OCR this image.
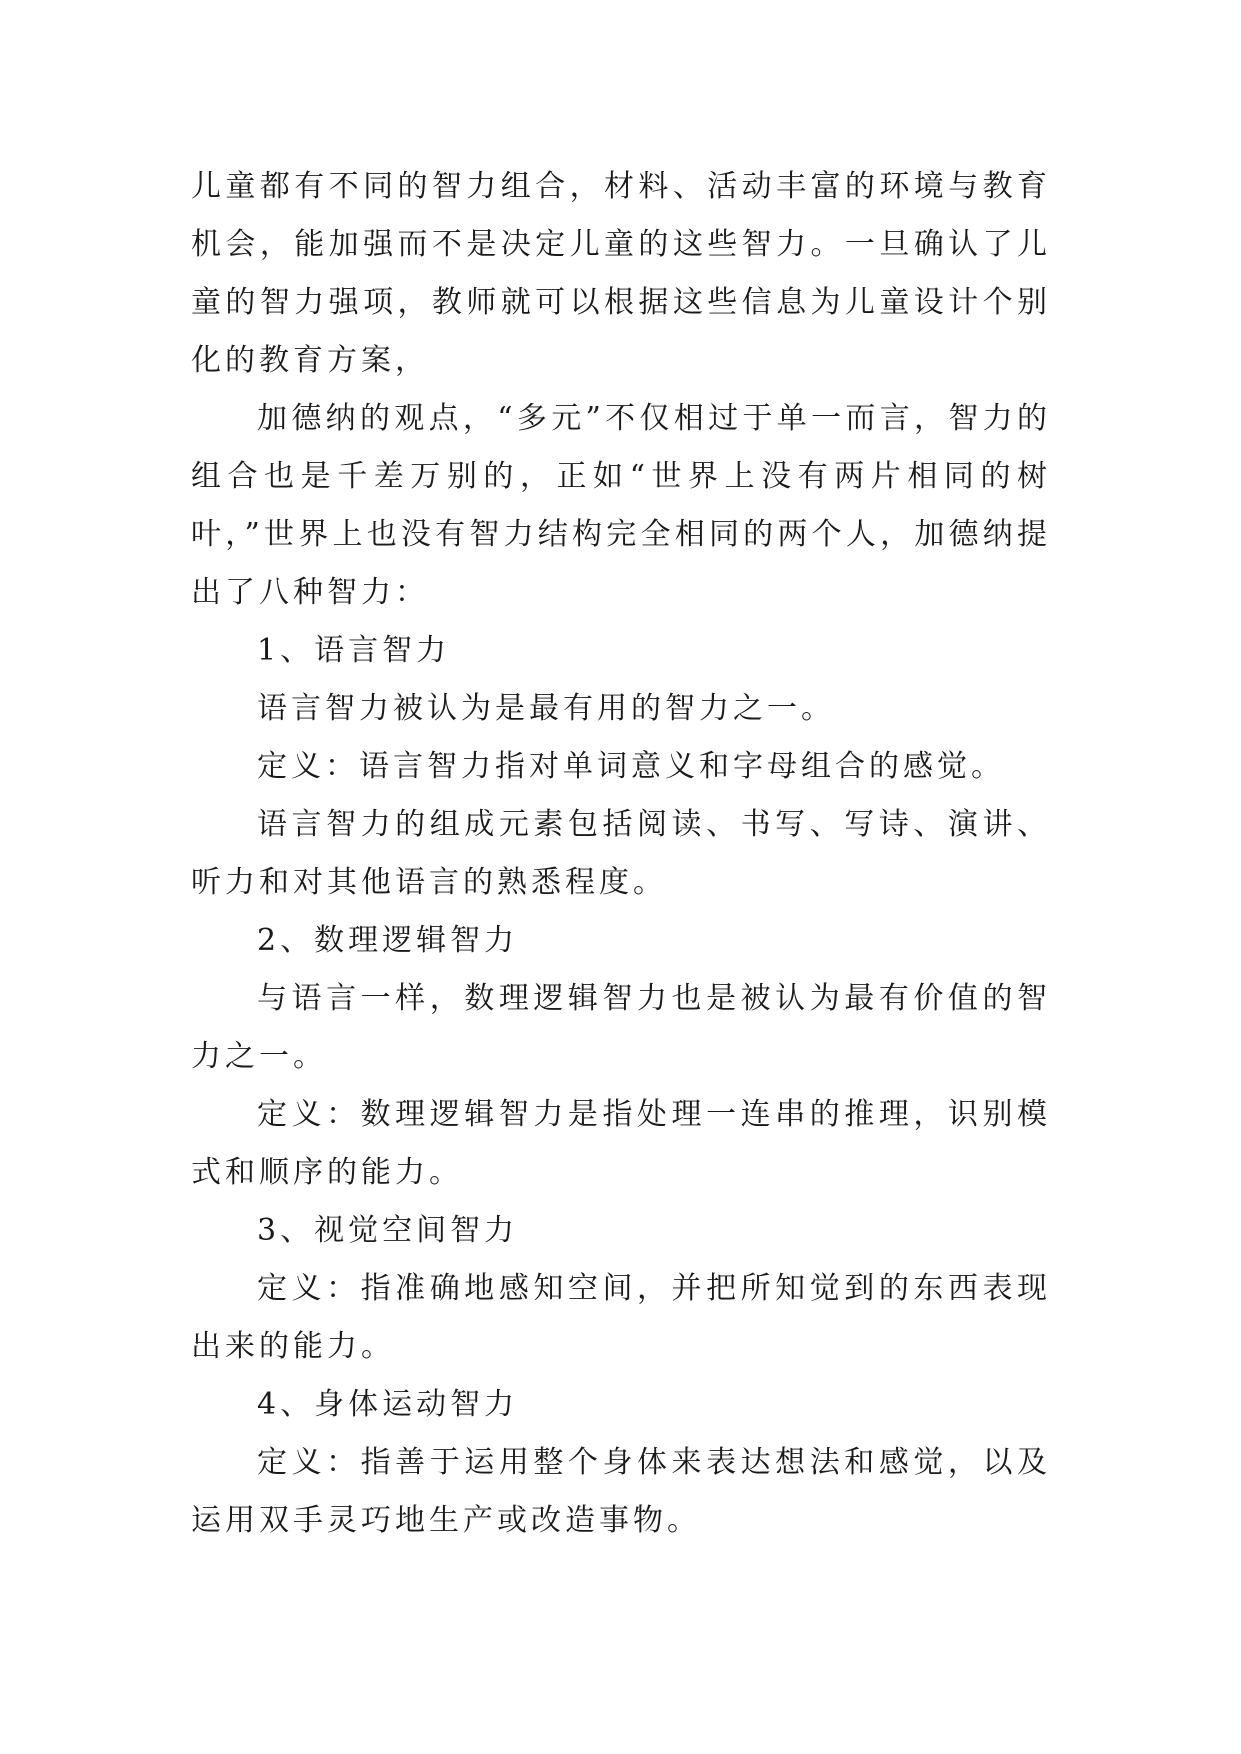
儿童都有不同的智力组合，材料、活动丰富的环境与教育机会，能加强而不是决定儿童的这些智力。一旦确认了儿童的智力强项，教师就可以根据这些信息为儿童设计个别化的教育方案，

加德纳的观点，“多元”不仅相过于单一而言，智力的组合也是千差万别的，正如“世界上没有两片相同的树叶，”世界上也没有智力结构完全相同的两个人，加德纳提出了八种智力：

1、语言智力

语言智力被认为是最有用的智力之一。

定义：语言智力指对单词意义和字母组合的感觉。

语言智力的组成元素包括阅读、书写、写诗、演讲、听力和对其他语言的熟悉程度。

2、数理逻辑智力

与语言一样，数理逻辑智力也是被认为最有价值的智力之一。

定义：数理逻辑智力是指处理一连串的推理，识别模式和顺序的能力。

3、视觉空间智力

定义：指准确地感知空间，并把所知觉到的东西表现出来的能力。

4、身体运动智力

定义：指善于运用整个身体来表达想法和感觉，以及运用双手灵巧地生产或改造事物。
